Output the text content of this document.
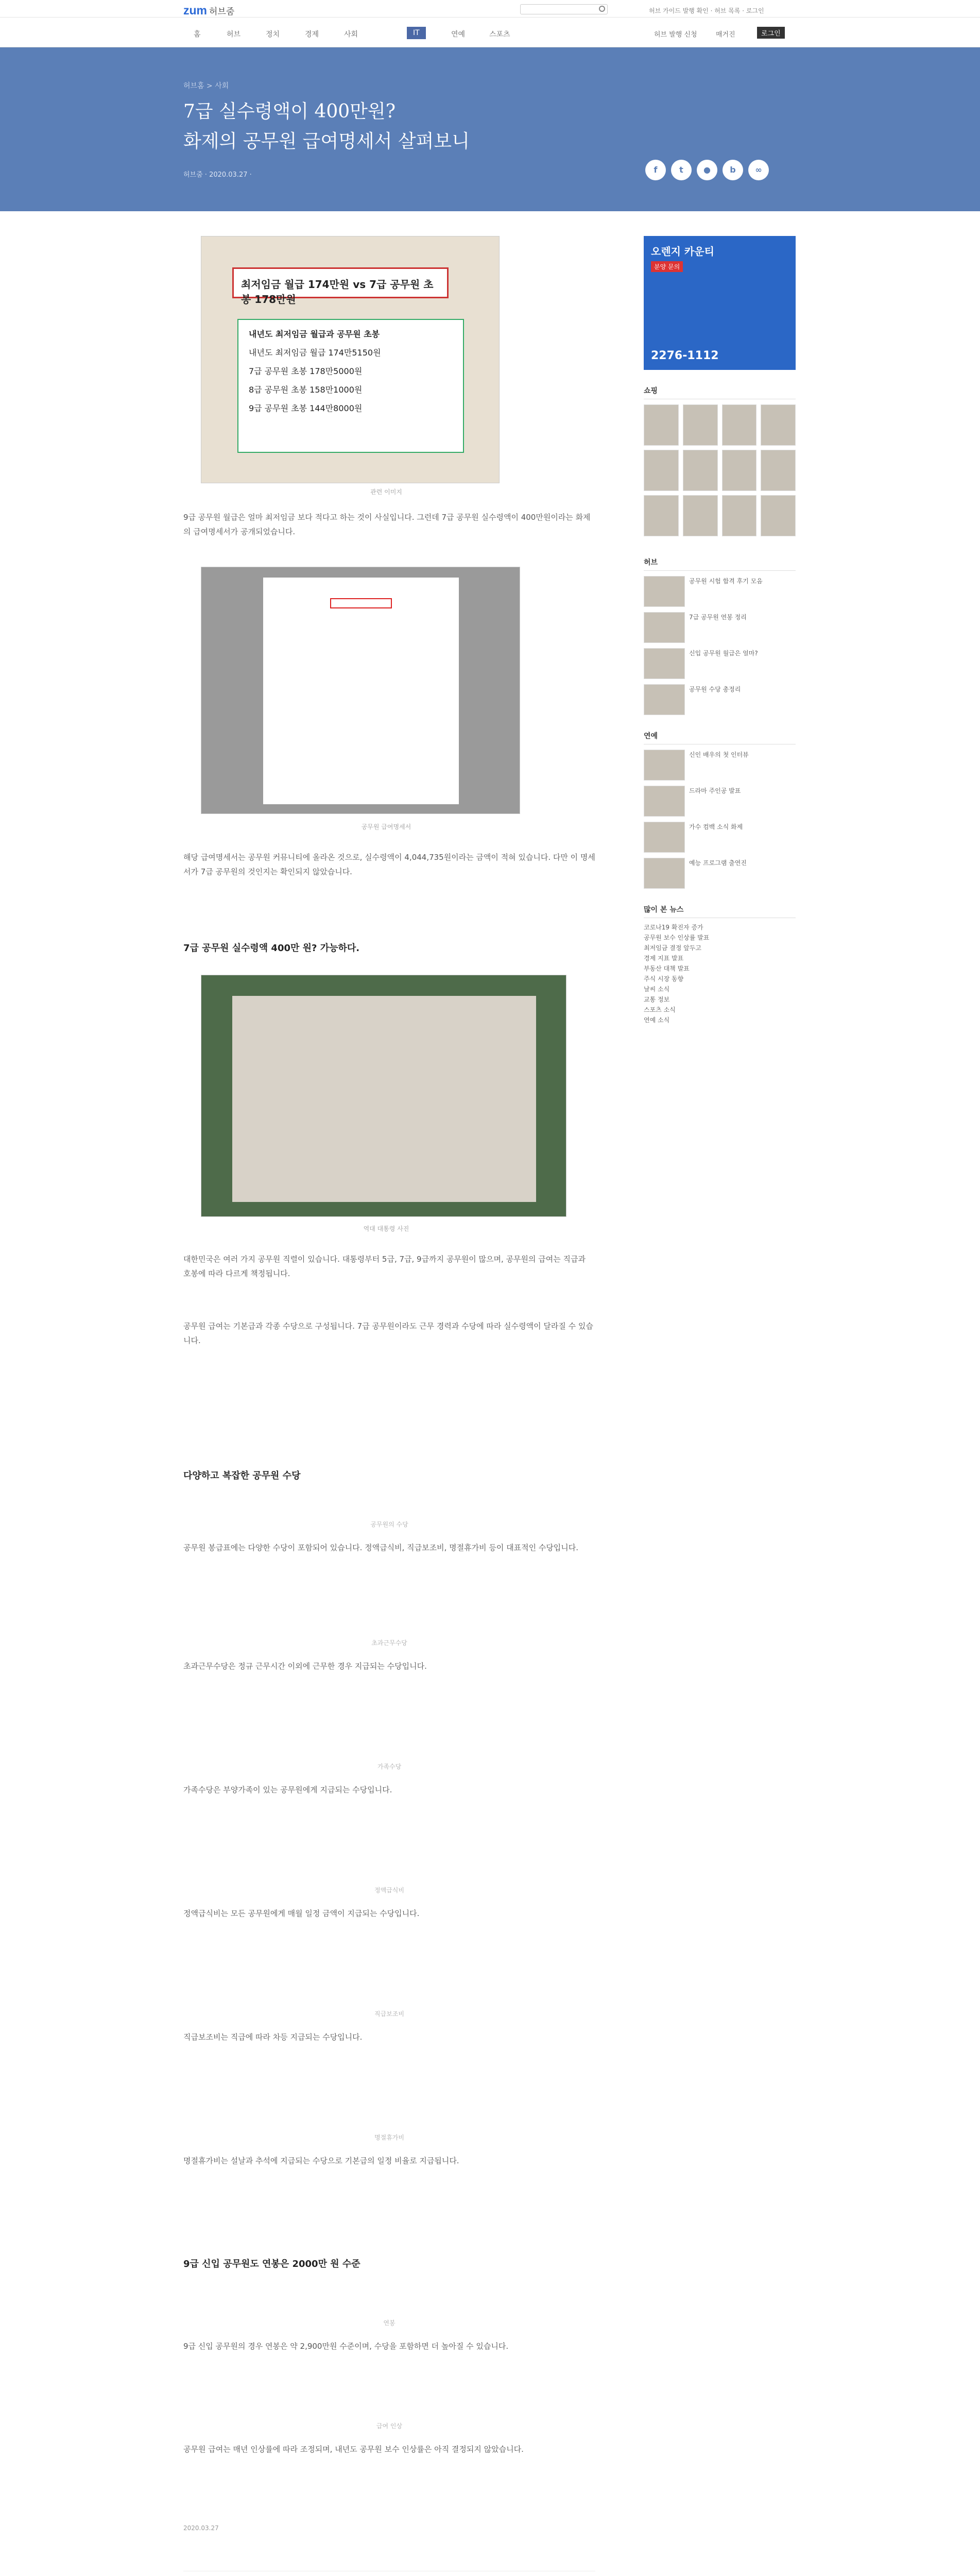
zum 허브줌	허브 가이드 발행 확인 · 허브 목록 · 로그인
홈	허브	정치	경제	사회	IT	연예	스포츠	허브 발행 신청	매거진	로그인
허브홈 > 사회
7급 실수령액이 400만원?
화제의 공무원 급여명세서 살펴보니
허브줌 · 2020.03.27 ·
f	t	●	b	∞
최저임금 월급 174만원 vs 7급 공무원 초봉 178만원
내년도 최저임금 월급과 공무원 초봉
내년도 최저임금 월급 174만5150원
7급 공무원 초봉 178만5000원
8급 공무원 초봉 158만1000원
9급 공무원 초봉 144만8000원
관련 이미지
9급 공무원 월급은 얼마 최저임금 보다 적다고 하는 것이 사실입니다. 그런데 7급 공무원 실수령액이 400만원이라는 화제의 급여명세서가 공개되었습니다.
공무원 급여명세서
해당 급여명세서는 공무원 커뮤니티에 올라온 것으로, 실수령액이 4,044,735원이라는 금액이 적혀 있습니다. 다만 이 명세서가 7급 공무원의 것인지는 확인되지 않았습니다.
7급 공무원 실수령액 400만 원? 가능하다.
역대 대통령 사진
대한민국은 여러 가지 공무원 직렬이 있습니다. 대통령부터 5급, 7급, 9급까지 공무원이 많으며, 공무원의 급여는 직급과 호봉에 따라 다르게 책정됩니다.
공무원 급여는 기본급과 각종 수당으로 구성됩니다. 7급 공무원이라도 근무 경력과 수당에 따라 실수령액이 달라질 수 있습니다.
다양하고 복잡한 공무원 수당
공무원의 수당
공무원 봉급표에는 다양한 수당이 포함되어 있습니다. 정액급식비, 직급보조비, 명절휴가비 등이 대표적인 수당입니다.
초과근무수당
초과근무수당은 정규 근무시간 이외에 근무한 경우 지급되는 수당입니다.
가족수당
가족수당은 부양가족이 있는 공무원에게 지급되는 수당입니다.
정액급식비
정액급식비는 모든 공무원에게 매월 일정 금액이 지급되는 수당입니다.
직급보조비
직급보조비는 직급에 따라 차등 지급되는 수당입니다.
명절휴가비
명절휴가비는 설날과 추석에 지급되는 수당으로 기본급의 일정 비율로 지급됩니다.
9급 신입 공무원도 연봉은 2000만 원 수준
연봉
9급 신입 공무원의 경우 연봉은 약 2,900만원 수준이며, 수당을 포함하면 더 높아질 수 있습니다.
급여 인상
공무원 급여는 매년 인상률에 따라 조정되며, 내년도 공무원 보수 인상률은 아직 결정되지 않았습니다.
2020.03.27
오렌지 카운티
분양 문의
2276-1112
쇼핑
허브
공무원 시험 합격 후기 모음
7급 공무원 연봉 정리
신입 공무원 월급은 얼마?
공무원 수당 총정리
연예
신인 배우의 첫 인터뷰
드라마 주인공 발표
가수 컴백 소식 화제
예능 프로그램 출연진
많이 본 뉴스
코로나19 확진자 증가
공무원 보수 인상률 발표
최저임금 결정 앞두고
경제 지표 발표
부동산 대책 발표
주식 시장 동향
날씨 소식
교통 정보
스포츠 소식
연예 소식
